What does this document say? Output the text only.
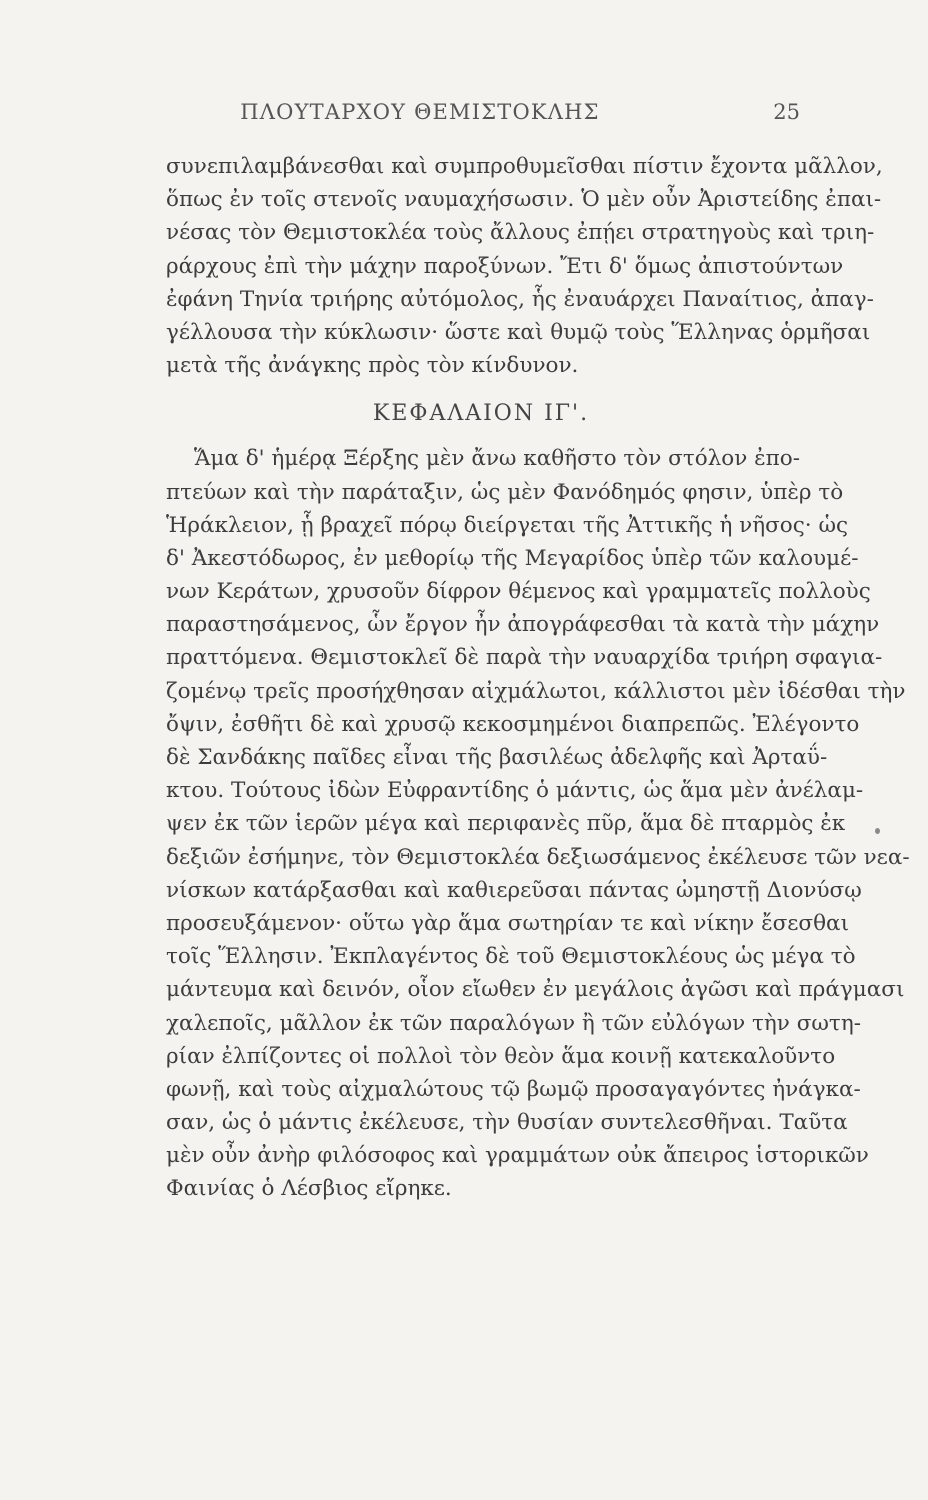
ΠΛΟΥΤΑΡΧΟΥ ΘΕΜΙΣΤΟΚΛΗΣ	25
συνεπιλαμβάνεσθαι καὶ συμπροθυμεῖσθαι πίστιν ἔχοντα μᾶλλον,
ὅπως ἐν τοῖς στενοῖς ναυμαχήσωσιν. Ὁ μὲν οὖν Ἀριστείδης ἐπαι-
νέσας τὸν Θεμιστοκλέα τοὺς ἄλλους ἐπῄει στρατηγοὺς καὶ τριη-
ράρχους ἐπὶ τὴν μάχην παροξύνων. Ἔτι δ' ὅμως ἀπιστούντων
ἐφάνη Τηνία τριήρης αὐτόμολος, ἧς ἐναυάρχει Παναίτιος, ἀπαγ-
γέλλουσα τὴν κύκλωσιν· ὥστε καὶ θυμῷ τοὺς Ἕλληνας ὁρμῆσαι
μετὰ τῆς ἀνάγκης πρὸς τὸν κίνδυνον.
ΚΕΦΑΛΑΙΟΝ ΙΓ'.
Ἅμα δ' ἡμέρᾳ Ξέρξης μὲν ἄνω καθῆστο τὸν στόλον ἐπο-
πτεύων καὶ τὴν παράταξιν, ὡς μὲν Φανόδημός φησιν, ὑπὲρ τὸ
Ἡράκλειον, ᾗ βραχεῖ πόρῳ διείργεται τῆς Ἀττικῆς ἡ νῆσος· ὡς
δ' Ἀκεστόδωρος, ἐν μεθορίῳ τῆς Μεγαρίδος ὑπὲρ τῶν καλουμέ-
νων Κεράτων, χρυσοῦν δίφρον θέμενος καὶ γραμματεῖς πολλοὺς
παραστησάμενος, ὧν ἔργον ἦν ἀπογράφεσθαι τὰ κατὰ τὴν μάχην
πραττόμενα. Θεμιστοκλεῖ δὲ παρὰ τὴν ναυαρχίδα τριήρη σφαγια-
ζομένῳ τρεῖς προσήχθησαν αἰχμάλωτοι, κάλλιστοι μὲν ἰδέσθαι τὴν
ὄψιν, ἐσθῆτι δὲ καὶ χρυσῷ κεκοσμημένοι διαπρεπῶς. Ἐλέγοντο
δὲ Σανδάκης παῖδες εἶναι τῆς βασιλέως ἀδελφῆς καὶ Ἀρταΰ-
κτου. Τούτους ἰδὼν Εὐφραντίδης ὁ μάντις, ὡς ἅμα μὲν ἀνέλαμ-
ψεν ἐκ τῶν ἱερῶν μέγα καὶ περιφανὲς πῦρ, ἅμα δὲ πταρμὸς ἐκ
δεξιῶν ἐσήμηνε, τὸν Θεμιστοκλέα δεξιωσάμενος ἐκέλευσε τῶν νεα-
νίσκων κατάρξασθαι καὶ καθιερεῦσαι πάντας ὠμηστῇ Διονύσῳ
προσευξάμενον· οὕτω γὰρ ἅμα σωτηρίαν τε καὶ νίκην ἔσεσθαι
τοῖς Ἕλλησιν. Ἐκπλαγέντος δὲ τοῦ Θεμιστοκλέους ὡς μέγα τὸ
μάντευμα καὶ δεινόν, οἷον εἴωθεν ἐν μεγάλοις ἀγῶσι καὶ πράγμασι
χαλεποῖς, μᾶλλον ἐκ τῶν παραλόγων ἢ τῶν εὐλόγων τὴν σωτη-
ρίαν ἐλπίζοντες οἱ πολλοὶ τὸν θεὸν ἅμα κοινῇ κατεκαλοῦντο
φωνῇ, καὶ τοὺς αἰχμαλώτους τῷ βωμῷ προσαγαγόντες ἠνάγκα-
σαν, ὡς ὁ μάντις ἐκέλευσε, τὴν θυσίαν συντελεσθῆναι. Ταῦτα
μὲν οὖν ἀνὴρ φιλόσοφος καὶ γραμμάτων οὐκ ἄπειρος ἱστορικῶν
Φαινίας ὁ Λέσβιος εἴρηκε.
